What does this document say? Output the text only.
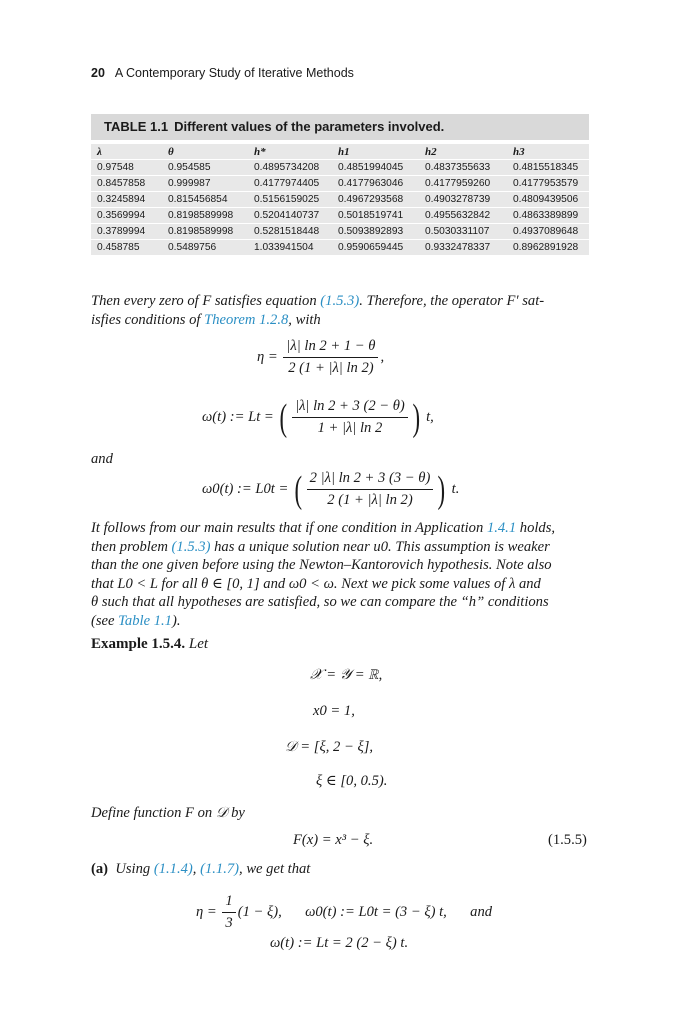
20 A Contemporary Study of Iterative Methods
TABLE 1.1 Different values of the parameters involved.
λ	θ	h*	h1	h2	h3
0.97548	0.954585	0.4895734208	0.4851994045	0.4837355633	0.4815518345
0.8457858	0.999987	0.4177974405	0.4177963046	0.4177959260	0.4177953579
0.3245894	0.815456854	0.5156159025	0.4967293568	0.4903278739	0.4809439506
0.3569994	0.8198589998	0.5204140737	0.5018519741	0.4955632842	0.4863389899
0.3789994	0.8198589998	0.5281518448	0.5093892893	0.5030331107	0.4937089648
0.458785	0.5489756	1.033941504	0.9590659445	0.9332478337	0.8962891928
Then every zero of F satisfies equation (1.5.3). Therefore, the operator F′ sat-
isfies conditions of Theorem 1.2.8, with
$\eta = \frac{|\lambda| \ln 2 + 1 - \theta}{2 (1 + |\lambda| \ln 2)}$ ,
ω(t) := Lt = ( $\frac{|\lambda| \ln 2 + 3 (2 - \theta)}{1 + |\lambda| \ln 2}$ ) t,
and
ω0(t) := L0t = ( $\frac{2 |\lambda| \ln 2 + 3 (3 - \theta)}{2 (1 + |\lambda| \ln 2)}$ ) t.
It follows from our main results that if one condition in Application 1.4.1 holds,
then problem (1.5.3) has a unique solution near u0. This assumption is weaker
than the one given before using the Newton–Kantorovich hypothesis. Note also
that L0 < L for all θ ∈ [0, 1] and ω0 < ω. Next we pick some values of λ and
θ such that all hypotheses are satisfied, so we can compare the “h” conditions
(see Table 1.1).
Example 1.5.4. Let
𝒳 = 𝒴 = ℝ,
x0 = 1,
𝒟 = [ξ, 2 − ξ],
ξ ∈ [0, 0.5).
Define function F on 𝒟 by
F(x) = x³ − ξ.	(1.5.5)
(a) Using (1.1.4), (1.1.7), we get that
$\eta = \frac{1}{3} (1 - \xi)$, ω0(t) := L0t = (3 − ξ) t, and
ω(t) := Lt = 2 (2 − ξ) t.
